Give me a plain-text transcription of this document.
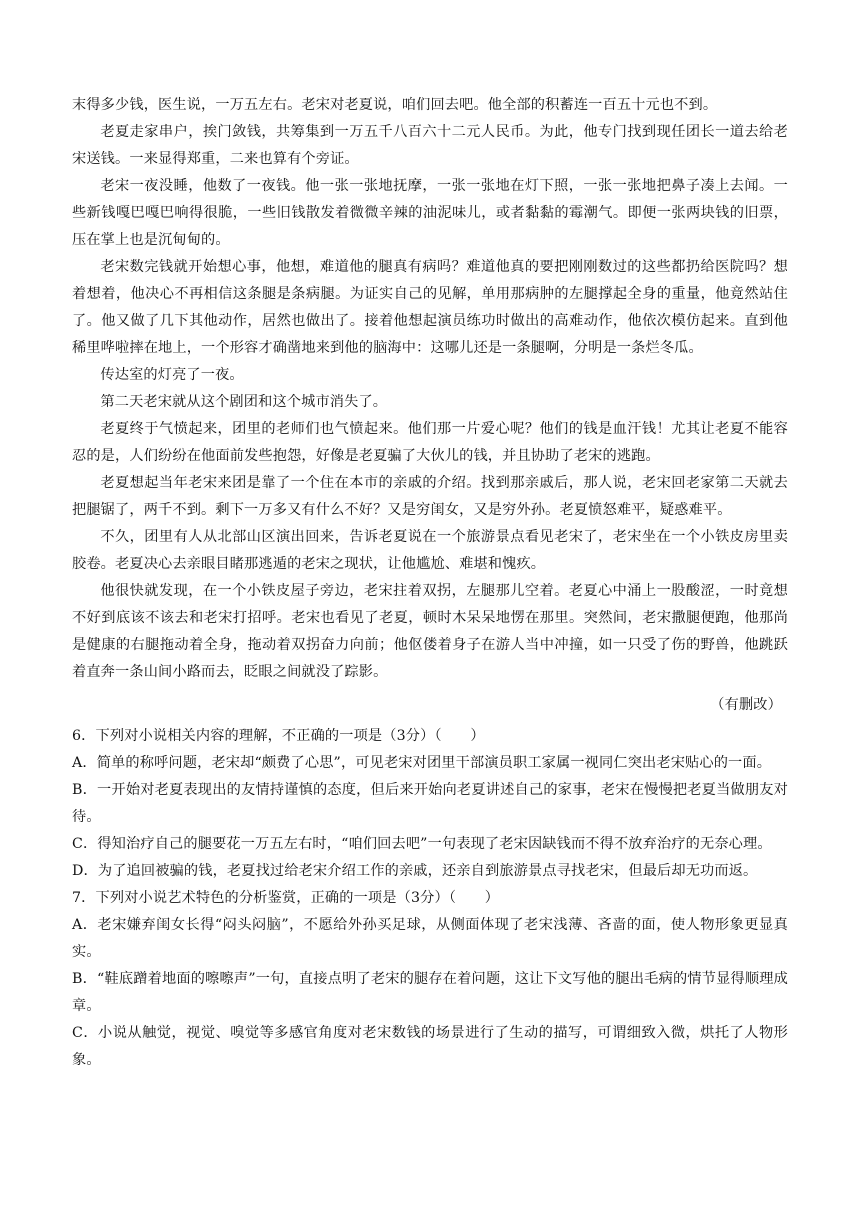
末得多少钱，医生说，一万五左右。老宋对老夏说，咱们回去吧。他全部的积蓄连一百五十元也不到。

老夏走家串户，挨门敛钱，共筹集到一万五千八百六十二元人民币。为此，他专门找到现任团长一道去给老宋送钱。一来显得郑重，二来也算有个旁证。

老宋一夜没睡，他数了一夜钱。他一张一张地抚摩，一张一张地在灯下照，一张一张地把鼻子凑上去闻。一些新钱嘎巴嘎巴响得很脆，一些旧钱散发着微微辛辣的油泥味儿，或者黏黏的霉潮气。即便一张两块钱的旧票，压在掌上也是沉甸甸的。

老宋数完钱就开始想心事，他想，难道他的腿真有病吗？难道他真的要把刚刚数过的这些都扔给医院吗？想着想着，他决心不再相信这条腿是条病腿。为证实自己的见解，单用那病肿的左腿撑起全身的重量，他竟然站住了。他又做了几下其他动作，居然也做出了。接着他想起演员练功时做出的高难动作，他依次模仿起来。直到他稀里哗啦摔在地上，一个形容才确凿地来到他的脑海中：这哪儿还是一条腿啊，分明是一条烂冬瓜。

传达室的灯亮了一夜。

第二天老宋就从这个剧团和这个城市消失了。

老夏终于气愤起来，团里的老师们也气愤起来。他们那一片爱心呢？他们的钱是血汗钱！尤其让老夏不能容忍的是，人们纷纷在他面前发些抱怨，好像是老夏骗了大伙儿的钱，并且协助了老宋的逃跑。

老夏想起当年老宋来团是靠了一个住在本市的亲戚的介绍。找到那亲戚后，那人说，老宋回老家第二天就去把腿锯了，两千不到。剩下一万多又有什么不好？又是穷闺女，又是穷外孙。老夏愤怒难平，疑惑难平。

不久，团里有人从北部山区演出回来，告诉老夏说在一个旅游景点看见老宋了，老宋坐在一个小铁皮房里卖胶卷。老夏决心去亲眼目睹那逃遁的老宋之现状，让他尴尬、难堪和愧疚。

他很快就发现，在一个小铁皮屋子旁边，老宋拄着双拐，左腿那儿空着。老夏心中涌上一股酸涩，一时竟想不好到底该不该去和老宋打招呼。老宋也看见了老夏，顿时木呆呆地愣在那里。突然间，老宋撒腿便跑，他那尚是健康的右腿拖动着全身，拖动着双拐奋力向前；他伛偻着身子在游人当中冲撞，如一只受了伤的野兽，他跳跃着直奔一条山间小路而去，眨眼之间就没了踪影。

（有删改）

6．下列对小说相关内容的理解，不正确的一项是（3分）（　　）

A．简单的称呼问题，老宋却“颇费了心思”，可见老宋对团里干部演员职工家属一视同仁突出老宋贴心的一面。

B．一开始对老夏表现出的友情持谨慎的态度，但后来开始向老夏讲述自己的家事，老宋在慢慢把老夏当做朋友对待。

C．得知治疗自己的腿要花一万五左右时，“咱们回去吧”一句表现了老宋因缺钱而不得不放弃治疗的无奈心理。

D．为了追回被骗的钱，老夏找过给老宋介绍工作的亲戚，还亲自到旅游景点寻找老宋，但最后却无功而返。

7．下列对小说艺术特色的分析鉴赏，正确的一项是（3分）（　　）

A．老宋嫌弃闺女长得“闷头闷脑”，不愿给外孙买足球，从侧面体现了老宋浅薄、吝啬的面，使人物形象更显真实。

B．“鞋底蹭着地面的嚓嚓声”一句，直接点明了老宋的腿存在着问题，这让下文写他的腿出毛病的情节显得顺理成章。

C．小说从触觉，视觉、嗅觉等多感官角度对老宋数钱的场景进行了生动的描写，可谓细致入微，烘托了人物形象。
